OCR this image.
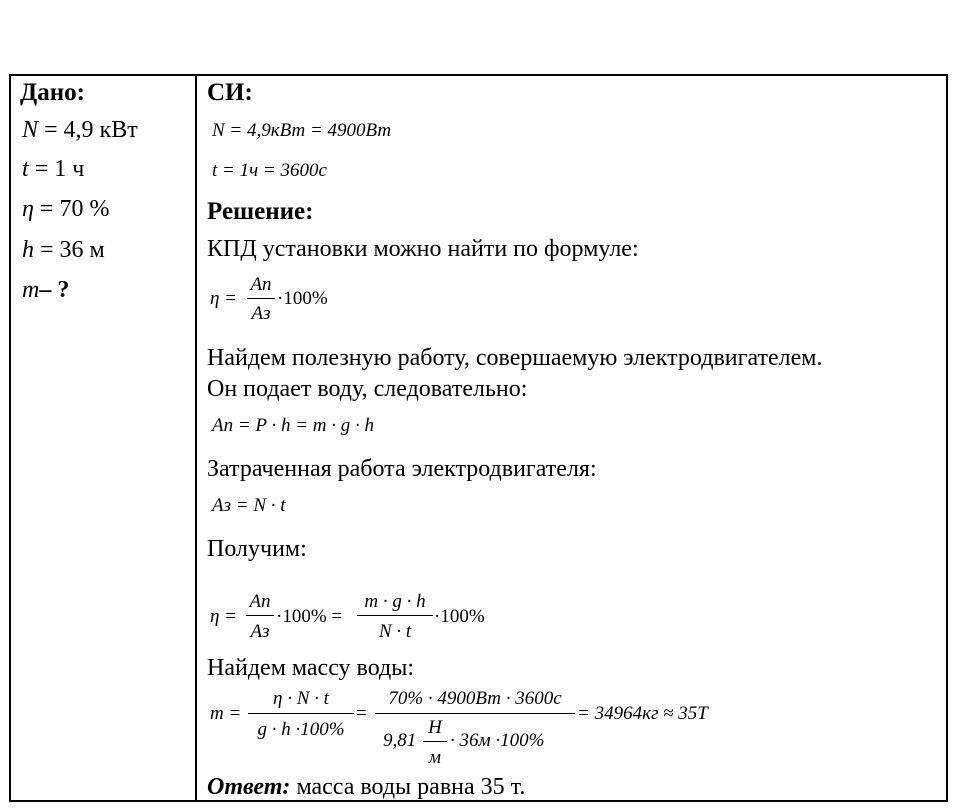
Дано:
N = 4,9 кВт
t = 1 ч
η = 70 %
h = 36 м
m– ?
СИ:
N = 4,9кВт = 4900Вт
t = 1ч = 3600с
Решение:
КПД установки можно найти по формуле:
η =
Aп
Aз
·100%
Найдем полезную работу, совершаемую электродвигателем.
Он подает воду, следовательно:
Aп = P · h = m · g · h
Затраченная работа электродвигателя:
Aз = N · t
Получим:
η =
Aп
Aз
·100% =
m · g · h
N · t
·100%
Найдем массу воды:
m =
η · N · t
g · h ·100%
=
70% · 4900Вт · 3600с
9,81
Н
м
· 36м ·100%
= 34964кг ≈ 35Т
Ответ: масса воды равна 35 т.
